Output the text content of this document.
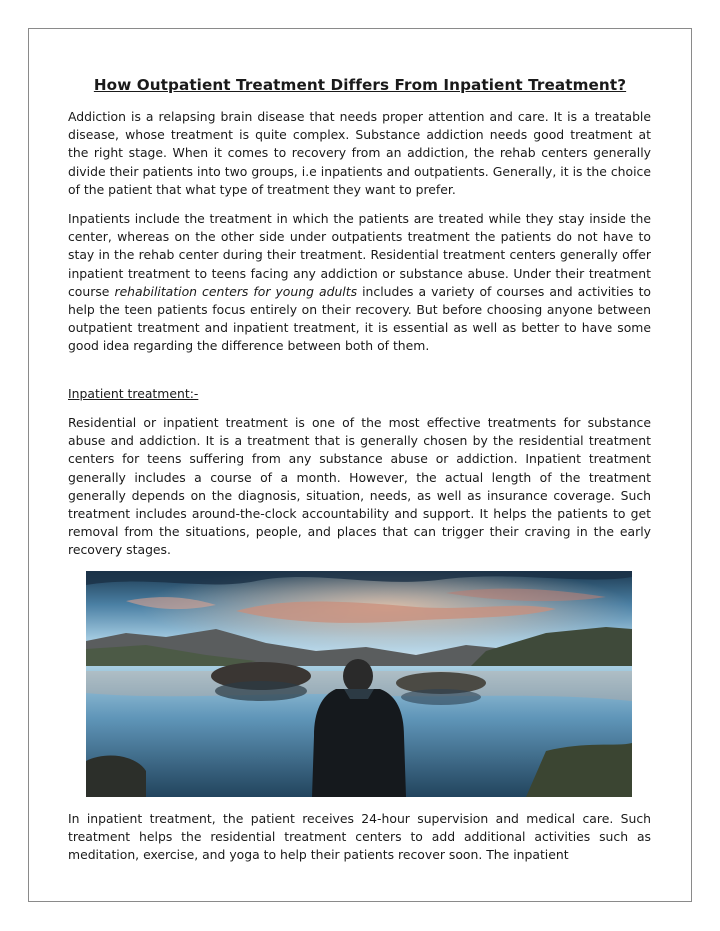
How Outpatient Treatment Differs From Inpatient Treatment?

Addiction is a relapsing brain disease that needs proper attention and care. It is a treatable disease, whose treatment is quite complex. Substance addiction needs good treatment at the right stage. When it comes to recovery from an addiction, the rehab centers generally divide their patients into two groups, i.e inpatients and outpatients. Generally, it is the choice of the patient that what type of treatment they want to prefer.

Inpatients include the treatment in which the patients are treated while they stay inside the center, whereas on the other side under outpatients treatment the patients do not have to stay in the rehab center during their treatment. Residential treatment centers generally offer inpatient treatment to teens facing any addiction or substance abuse. Under their treatment course rehabilitation centers for young adults includes a variety of courses and activities to help the teen patients focus entirely on their recovery. But before choosing anyone between outpatient treatment and inpatient treatment, it is essential as well as better to have some good idea regarding the difference between both of them.

Inpatient treatment:-

Residential or inpatient treatment is one of the most effective treatments for substance abuse and addiction. It is a treatment that is generally chosen by the residential treatment centers for teens suffering from any substance abuse or addiction. Inpatient treatment generally includes a course of a month. However, the actual length of the treatment generally depends on the diagnosis, situation, needs, as well as insurance coverage. Such treatment includes around-the-clock accountability and support. It helps the patients to get removal from the situations, people, and places that can trigger their craving in the early recovery stages.

In inpatient treatment, the patient receives 24-hour supervision and medical care. Such treatment helps the residential treatment centers to add additional activities such as meditation, exercise, and yoga to help their patients recover soon. The inpatient
